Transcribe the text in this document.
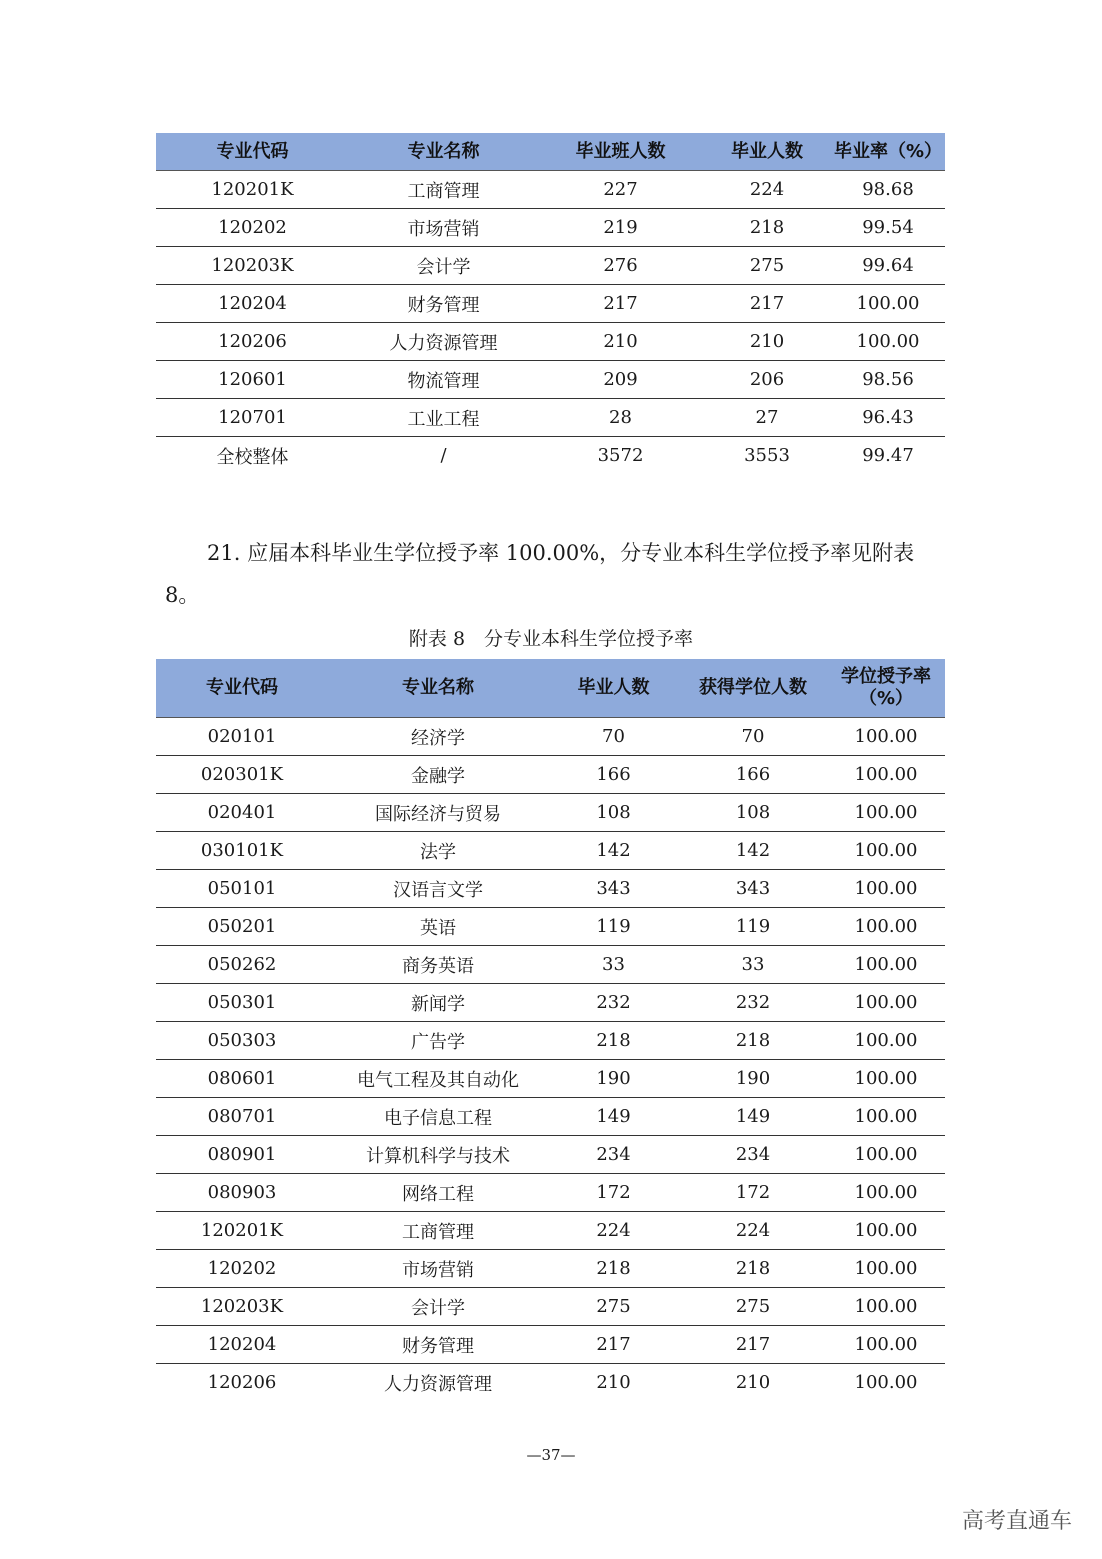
专业代码	专业名称	毕业班人数	毕业人数	毕业率（%）
120201K	工商管理	227	224	98.68
120202	市场营销	219	218	99.54
120203K	会计学	276	275	99.64
120204	财务管理	217	217	100.00
120206	人力资源管理	210	210	100.00
120601	物流管理	209	206	98.56
120701	工业工程	28	27	96.43
全校整体	/	3572	3553	99.47

21. 应届本科毕业生学位授予率 100.00%，分专业本科生学位授予率见附表 8。

附表 8　分专业本科生学位授予率
专业代码	专业名称	毕业人数	获得学位人数	学位授予率（%）
020101	经济学	70	70	100.00
020301K	金融学	166	166	100.00
020401	国际经济与贸易	108	108	100.00
030101K	法学	142	142	100.00
050101	汉语言文学	343	343	100.00
050201	英语	119	119	100.00
050262	商务英语	33	33	100.00
050301	新闻学	232	232	100.00
050303	广告学	218	218	100.00
080601	电气工程及其自动化	190	190	100.00
080701	电子信息工程	149	149	100.00
080901	计算机科学与技术	234	234	100.00
080903	网络工程	172	172	100.00
120201K	工商管理	224	224	100.00
120202	市场营销	218	218	100.00
120203K	会计学	275	275	100.00
120204	财务管理	217	217	100.00
120206	人力资源管理	210	210	100.00
—37—
高考直通车
